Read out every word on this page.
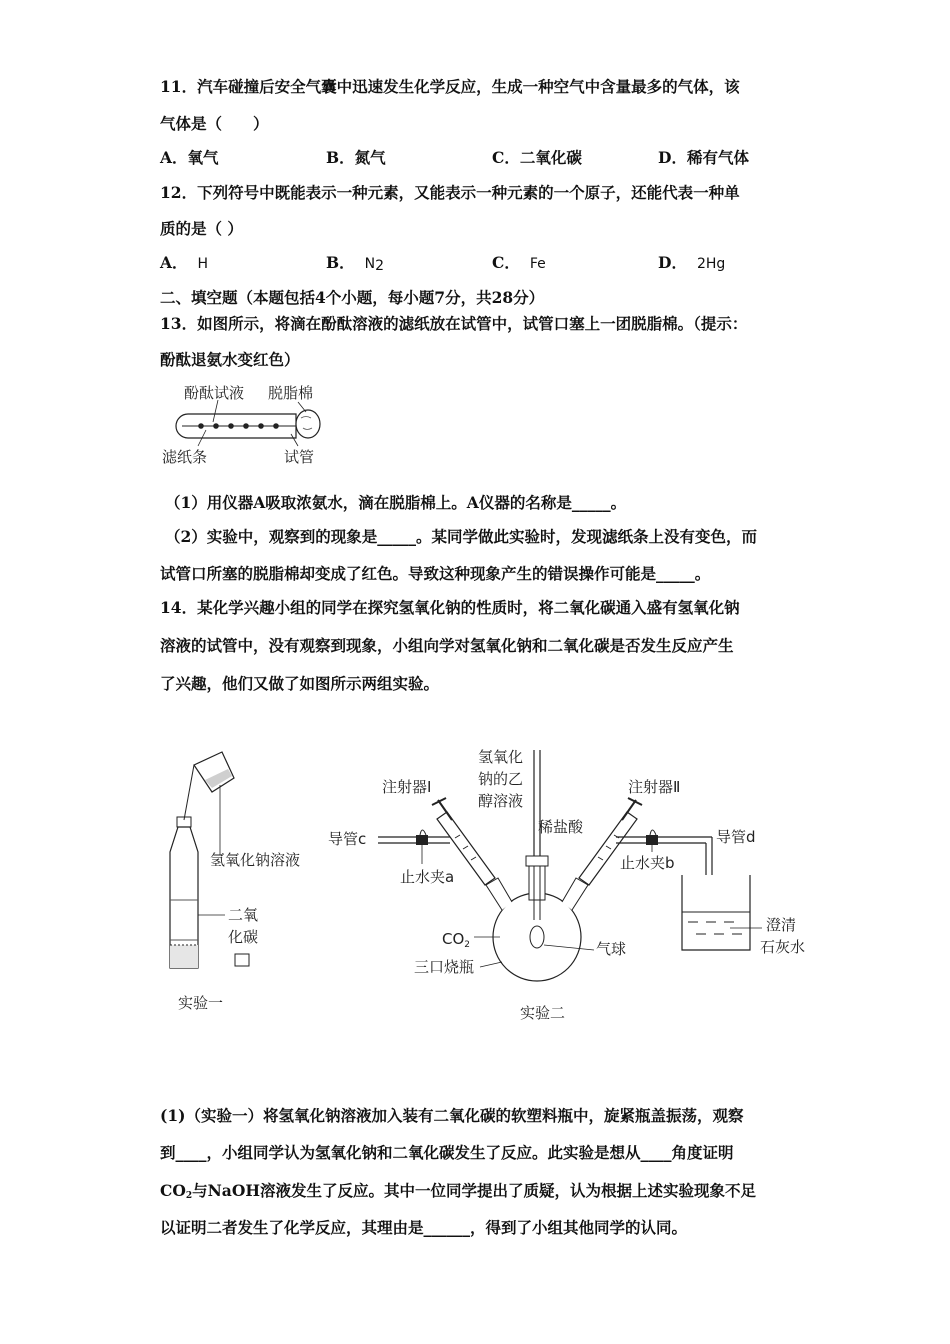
11．汽车碰撞后安全气囊中迅速发生化学反应，生成一种空气中含量最多的气体，该
气体是（　　）
A．氧气	B．氮气	C．二氧化碳	D．稀有气体
12．下列符号中既能表示一种元素，又能表示一种元素的一个原子，还能代表一种单
质的是（ ）
A． H	B． $N_2$	C． Fe	D． 2Hg
二、填空题（本题包括4个小题，每小题7分，共28分）
13．如图所示，将滴在酚酞溶液的滤纸放在试管中，试管口塞上一团脱脂棉。（提示：
酚酞退氨水变红色）
酚酞试液 脱脂棉
滤纸条	试管
（1）用仪器A吸取浓氨水，滴在脱脂棉上。A仪器的名称是_____。
（2）实验中，观察到的现象是_____。某同学做此实验时，发现滤纸条上没有变色，而
试管口所塞的脱脂棉却变成了红色。导致这种现象产生的错误操作可能是_____。
14．某化学兴趣小组的同学在探究氢氧化钠的性质时，将二氧化碳通入盛有氢氧化钠
溶液的试管中，没有观察到现象，小组向学对氢氧化钠和二氧化碳是否发生反应产生
了兴趣，他们又做了如图所示两组实验。
氢氧化钠溶液
二氧
化碳
实验一
氢氧化
钠的乙
醇溶液
注射器Ⅰ	注射器Ⅱ
导管c	导管d
止水夹a
止水夹b
稀盐酸
$CO_2$	气球
三口烧瓶
澄清
石灰水
实验二
(1)（实验一）将氢氧化钠溶液加入装有二氧化碳的软塑料瓶中，旋紧瓶盖振荡，观察
到____，小组同学认为氢氧化钠和二氧化碳发生了反应。此实验是想从____角度证明
$CO_2$与NaOH溶液发生了反应。其中一位同学提出了质疑，认为根据上述实验现象不足
以证明二者发生了化学反应，其理由是______，得到了小组其他同学的认同。
